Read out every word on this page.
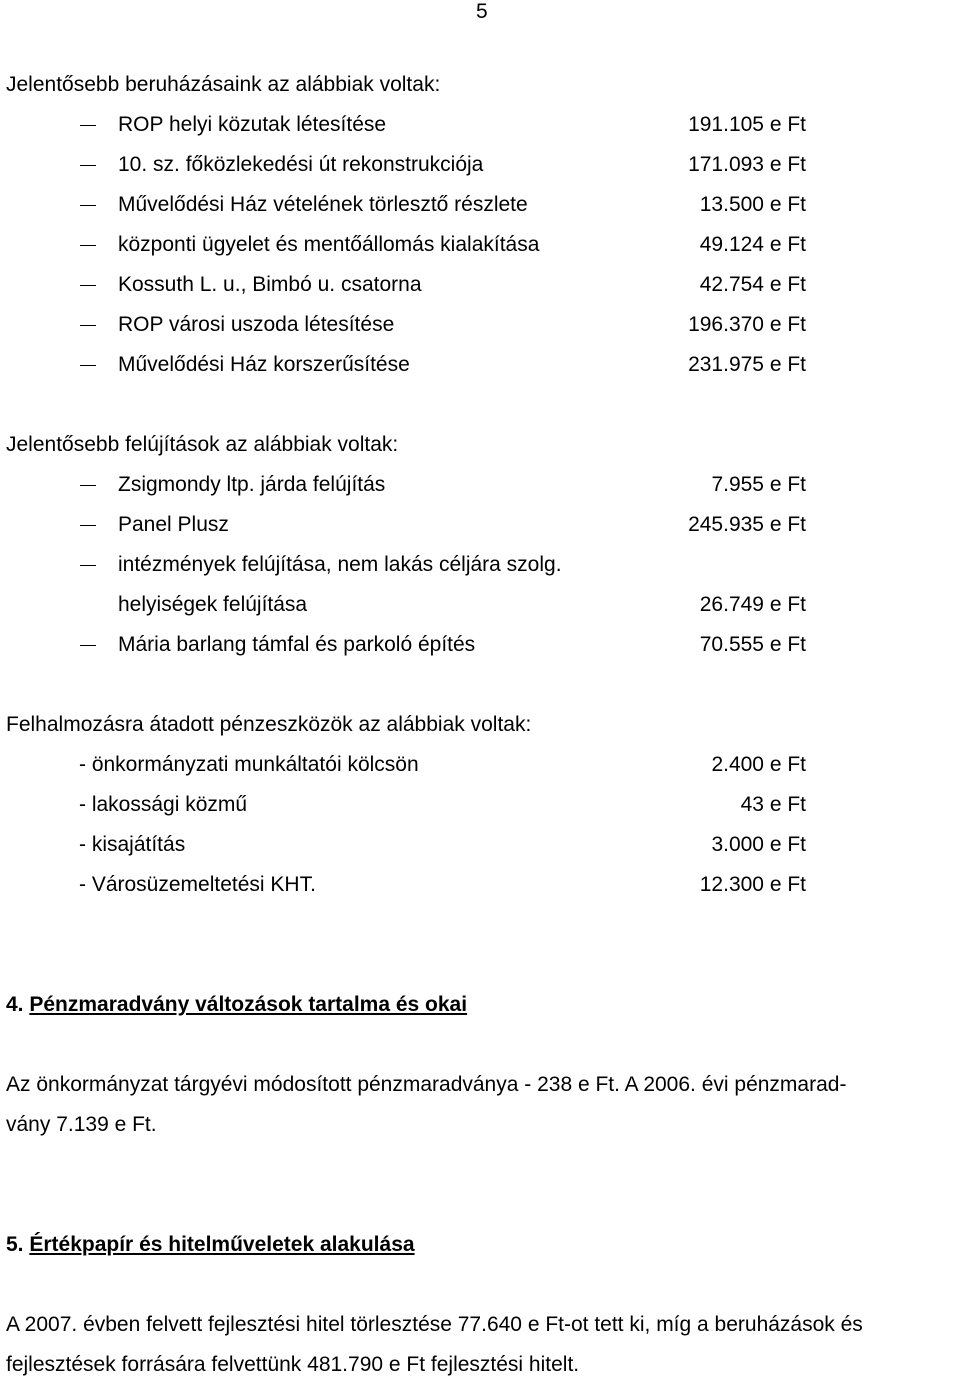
5
Jelentősebb beruházásaink az alábbiak voltak:
ROP helyi közutak létesítése	191.105 e Ft
10. sz. főközlekedési út rekonstrukciója	171.093 e Ft
Művelődési Ház vételének törlesztő részlete	13.500 e Ft
központi ügyelet és mentőállomás kialakítása	49.124 e Ft
Kossuth L. u., Bimbó u. csatorna	42.754 e Ft
ROP városi uszoda létesítése	196.370 e Ft
Művelődési Ház korszerűsítése	231.975 e Ft
Jelentősebb felújítások az alábbiak voltak:
Zsigmondy ltp. járda felújítás	7.955 e Ft
Panel Plusz	245.935 e Ft
intézmények felújítása, nem lakás céljára szolg.
helyiségek felújítása	26.749 e Ft
Mária barlang támfal és parkoló építés	70.555 e Ft
Felhalmozásra átadott pénzeszközök az alábbiak voltak:
- önkormányzati munkáltatói kölcsön	2.400 e Ft
- lakossági közmű	43 e Ft
- kisajátítás	3.000 e Ft
- Városüzemeltetési KHT.	12.300 e Ft
4. Pénzmaradvány változások tartalma és okai
Az önkormányzat tárgyévi módosított pénzmaradványa - 238 e Ft. A 2006. évi pénzmarad-
vány 7.139 e Ft.
5. Értékpapír és hitelműveletek alakulása
A 2007. évben felvett fejlesztési hitel törlesztése 77.640 e Ft-ot tett ki, míg a beruházások és
fejlesztések forrására felvettünk 481.790 e Ft fejlesztési hitelt.
